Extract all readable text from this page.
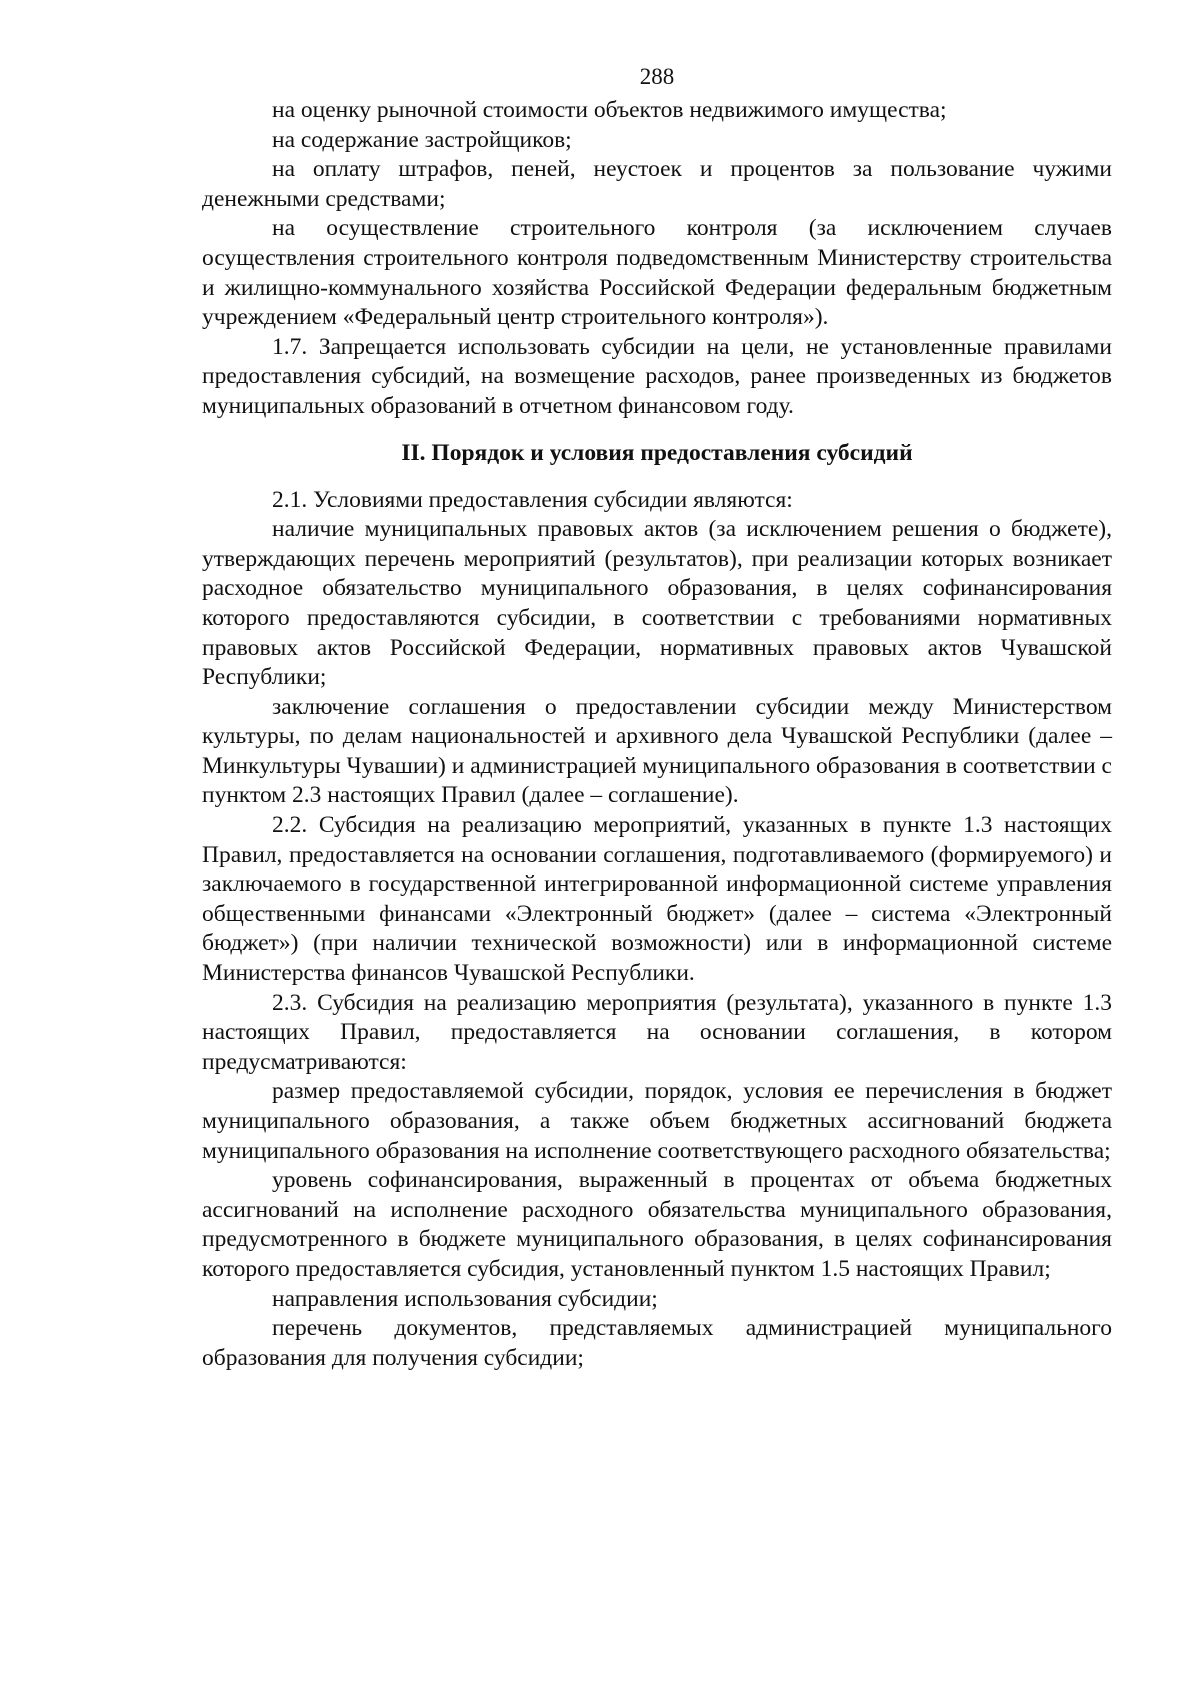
288

на оценку рыночной стоимости объектов недвижимого имущества;

на содержание застройщиков;

на оплату штрафов, пеней, неустоек и процентов за пользование чужими денежными средствами;

на осуществление строительного контроля (за исключением случаев осуществления строительного контроля подведомственным Министерству строительства и жилищно-коммунального хозяйства Российской Федерации федеральным бюджетным учреждением «Федеральный центр строительного контроля»).

1.7. Запрещается использовать субсидии на цели, не установленные правилами предоставления субсидий, на возмещение расходов, ранее произведенных из бюджетов муниципальных образований в отчетном финансовом году.

II. Порядок и условия предоставления субсидий

2.1. Условиями предоставления субсидии являются:

наличие муниципальных правовых актов (за исключением решения о бюджете), утверждающих перечень мероприятий (результатов), при реализации которых возникает расходное обязательство муниципального образования, в целях софинансирования которого предоставляются субсидии, в соответствии с требованиями нормативных правовых актов Российской Федерации, нормативных правовых актов Чувашской Республики;

заключение соглашения о предоставлении субсидии между Министерством культуры, по делам национальностей и архивного дела Чувашской Республики (далее – Минкультуры Чувашии) и администрацией муниципального образования в соответствии с пунктом 2.3 настоящих Правил (далее – соглашение).

2.2. Субсидия на реализацию мероприятий, указанных в пункте 1.3 настоящих Правил, предоставляется на основании соглашения, подготавливаемого (формируемого) и заключаемого в государственной интегрированной информационной системе управления общественными финансами «Электронный бюджет» (далее – система «Электронный бюджет») (при наличии технической возможности) или в информационной системе Министерства финансов Чувашской Республики.

2.3. Субсидия на реализацию мероприятия (результата), указанного в пункте 1.3 настоящих Правил, предоставляется на основании соглашения, в котором предусматриваются:

размер предоставляемой субсидии, порядок, условия ее перечисления в бюджет муниципального образования, а также объем бюджетных ассигнований бюджета муниципального образования на исполнение соответствующего расходного обязательства;

уровень софинансирования, выраженный в процентах от объема бюджетных ассигнований на исполнение расходного обязательства муниципального образования, предусмотренного в бюджете муниципального образования, в целях софинансирования которого предоставляется субсидия, установленный пунктом 1.5 настоящих Правил;

направления использования субсидии;

перечень документов, представляемых администрацией муниципального образования для получения субсидии;
